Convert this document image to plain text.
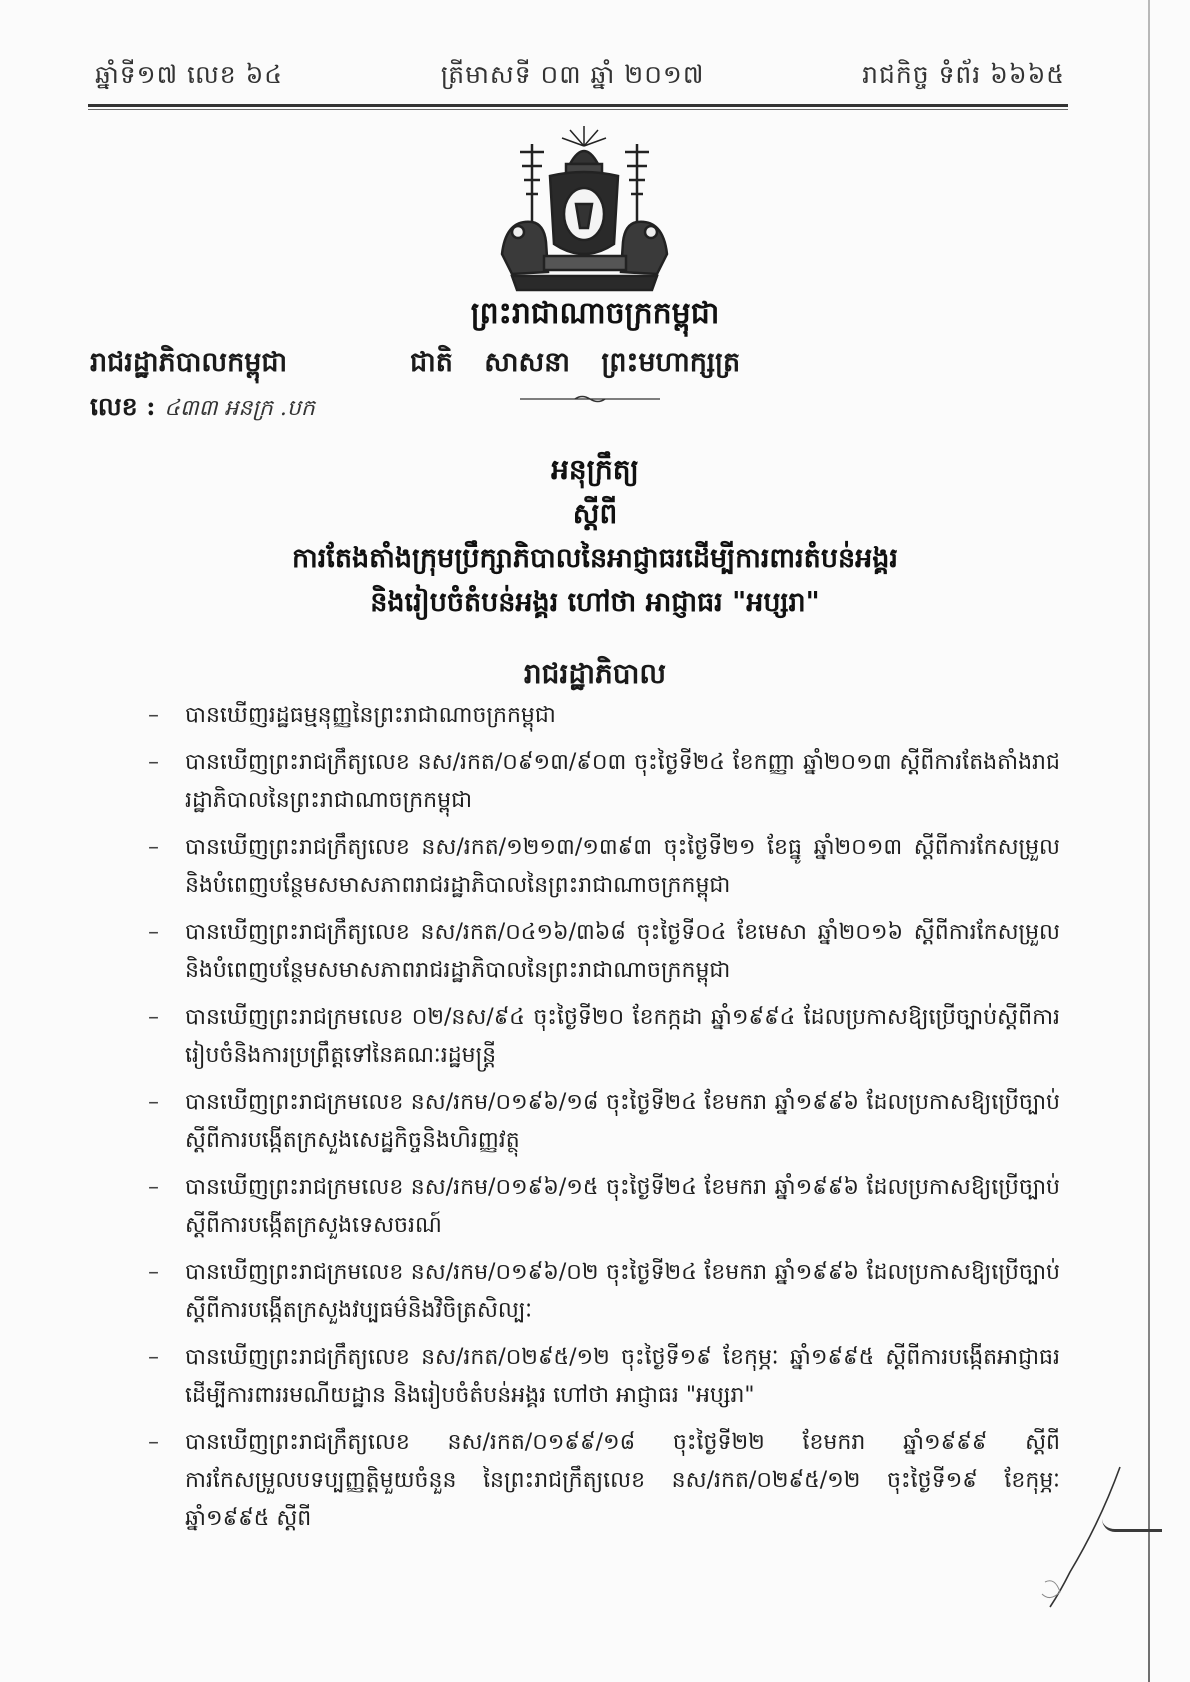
ឆ្នាំទី១៧ លេខ ៦៤	ត្រីមាសទី ០៣ ឆ្នាំ ២០១៧	រាជកិច្ច ទំព័រ ៦៦៦៥
ព្រះរាជាណាចក្រកម្ពុជា
រាជរដ្ឋាភិបាលកម្ពុជា	ជាតិ សាសនា ព្រះមហាក្សត្រ
លេខ : ៤៣៣ អនក្រ .បក
អនុក្រឹត្យ
ស្តីពី
ការតែងតាំងក្រុមប្រឹក្សាភិបាលនៃអាជ្ញាធរដើម្បីការពារតំបន់អង្គរ
និងរៀបចំតំបន់អង្គរ ហៅថា អាជ្ញាធរ "អប្សរា"
រាជរដ្ឋាភិបាល
– បានឃើញរដ្ឋធម្មនុញ្ញនៃព្រះរាជាណាចក្រកម្ពុជា
– បានឃើញព្រះរាជក្រឹត្យលេខ នស/រកត/០៩១៣/៩០៣ ចុះថ្ងៃទី២៤ ខែកញ្ញា ឆ្នាំ២០១៣ ស្តីពីការតែងតាំងរាជរដ្ឋាភិបាលនៃព្រះរាជាណាចក្រកម្ពុជា
– បានឃើញព្រះរាជក្រឹត្យលេខ នស/រកត/១២១៣/១៣៩៣ ចុះថ្ងៃទី២១ ខែធ្នូ ឆ្នាំ២០១៣ ស្តីពីការកែសម្រួល និងបំពេញបន្ថែមសមាសភាពរាជរដ្ឋាភិបាលនៃព្រះរាជាណាចក្រកម្ពុជា
– បានឃើញព្រះរាជក្រឹត្យលេខ នស/រកត/០៤១៦/៣៦៨ ចុះថ្ងៃទី០៤ ខែមេសា ឆ្នាំ២០១៦ ស្តីពីការកែសម្រួល និងបំពេញបន្ថែមសមាសភាពរាជរដ្ឋាភិបាលនៃព្រះរាជាណាចក្រកម្ពុជា
– បានឃើញព្រះរាជក្រមលេខ ០២/នស/៩៤ ចុះថ្ងៃទី២០ ខែកក្កដា ឆ្នាំ១៩៩៤ ដែលប្រកាសឱ្យប្រើច្បាប់ស្តីពីការរៀបចំនិងការប្រព្រឹត្តទៅនៃគណៈរដ្ឋមន្ត្រី
– បានឃើញព្រះរាជក្រមលេខ នស/រកម/០១៩៦/១៨ ចុះថ្ងៃទី២៤ ខែមករា ឆ្នាំ១៩៩៦ ដែលប្រកាសឱ្យប្រើច្បាប់ស្តីពីការបង្កើតក្រសួងសេដ្ឋកិច្ចនិងហិរញ្ញវត្ថុ
– បានឃើញព្រះរាជក្រមលេខ នស/រកម/០១៩៦/១៥ ចុះថ្ងៃទី២៤ ខែមករា ឆ្នាំ១៩៩៦ ដែលប្រកាសឱ្យប្រើច្បាប់ស្តីពីការបង្កើតក្រសួងទេសចរណ៍
– បានឃើញព្រះរាជក្រមលេខ នស/រកម/០១៩៦/០២ ចុះថ្ងៃទី២៤ ខែមករា ឆ្នាំ១៩៩៦ ដែលប្រកាសឱ្យប្រើច្បាប់ស្តីពីការបង្កើតក្រសួងវប្បធម៌និងវិចិត្រសិល្បៈ
– បានឃើញព្រះរាជក្រឹត្យលេខ នស/រកត/០២៩៥/១២ ចុះថ្ងៃទី១៩ ខែកុម្ភៈ ឆ្នាំ១៩៩៥ ស្តីពីការបង្កើតអាជ្ញាធរ ដើម្បីការពាររមណីយដ្ឋាន និងរៀបចំតំបន់អង្គរ ហៅថា អាជ្ញាធរ "អប្សរា"
– បានឃើញព្រះរាជក្រឹត្យលេខ នស/រកត/០១៩៩/១៨ ចុះថ្ងៃទី២២ ខែមករា ឆ្នាំ១៩៩៩ ស្តីពីការកែសម្រួលបទប្បញ្ញត្តិមួយចំនួន នៃព្រះរាជក្រឹត្យលេខ នស/រកត/០២៩៥/១២ ចុះថ្ងៃទី១៩ ខែកុម្ភៈ ឆ្នាំ១៩៩៥ ស្តីពី
